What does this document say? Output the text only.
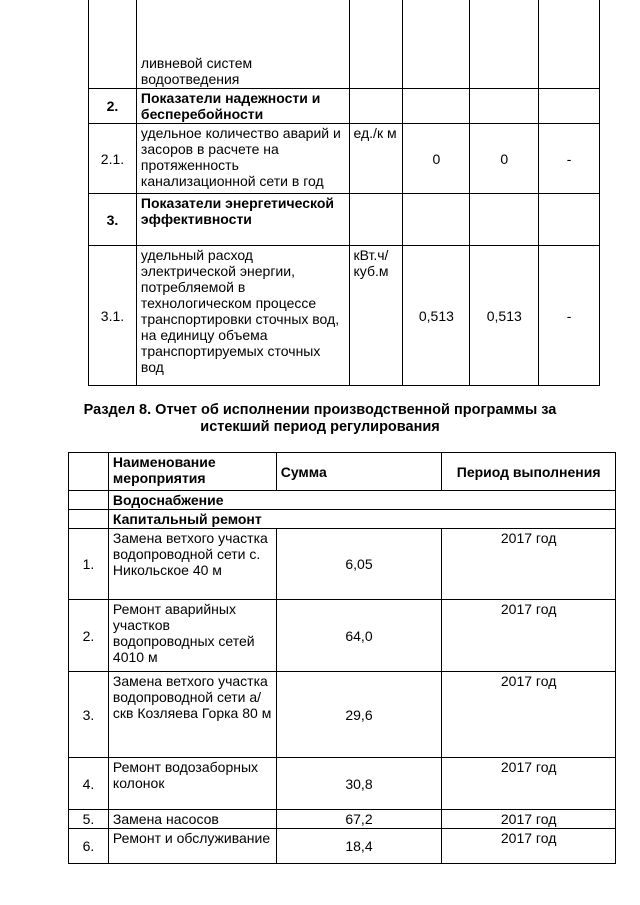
	ливневой систем водоотведения				
2.	Показатели надежности и бесперебойности				
2.1.	удельное количество аварий и засоров в расчете на протяженность канализационной сети в год	ед./к м	0	0	-
3.	Показатели энергетической эффективности				
3.1.	удельный расход электрической энергии, потребляемой в технологическом процессе транспортировки сточных вод, на единицу объема транспортируемых сточных вод	кВт.ч/ куб.м	0,513	0,513	-
Раздел 8. Отчет об исполнении производственной программы за истекший период регулирования
	Наименование мероприятия	Сумма	Период выполнения
	Водоснабжение		
	Капитальный ремонт		
1.	Замена ветхого участка водопроводной сети с. Никольское 40 м	6,05	2017 год
2.	Ремонт аварийных участков водопроводных сетей 4010 м	64,0	2017 год
3.	Замена ветхого участка водопроводной сети а/скв Козляева Горка 80 м	29,6	2017 год
4.	Ремонт водозаборных колонок	30,8	2017 год
5.	Замена насосов	67,2	2017 год
6.	Ремонт и обслуживание	18,4	2017 год
